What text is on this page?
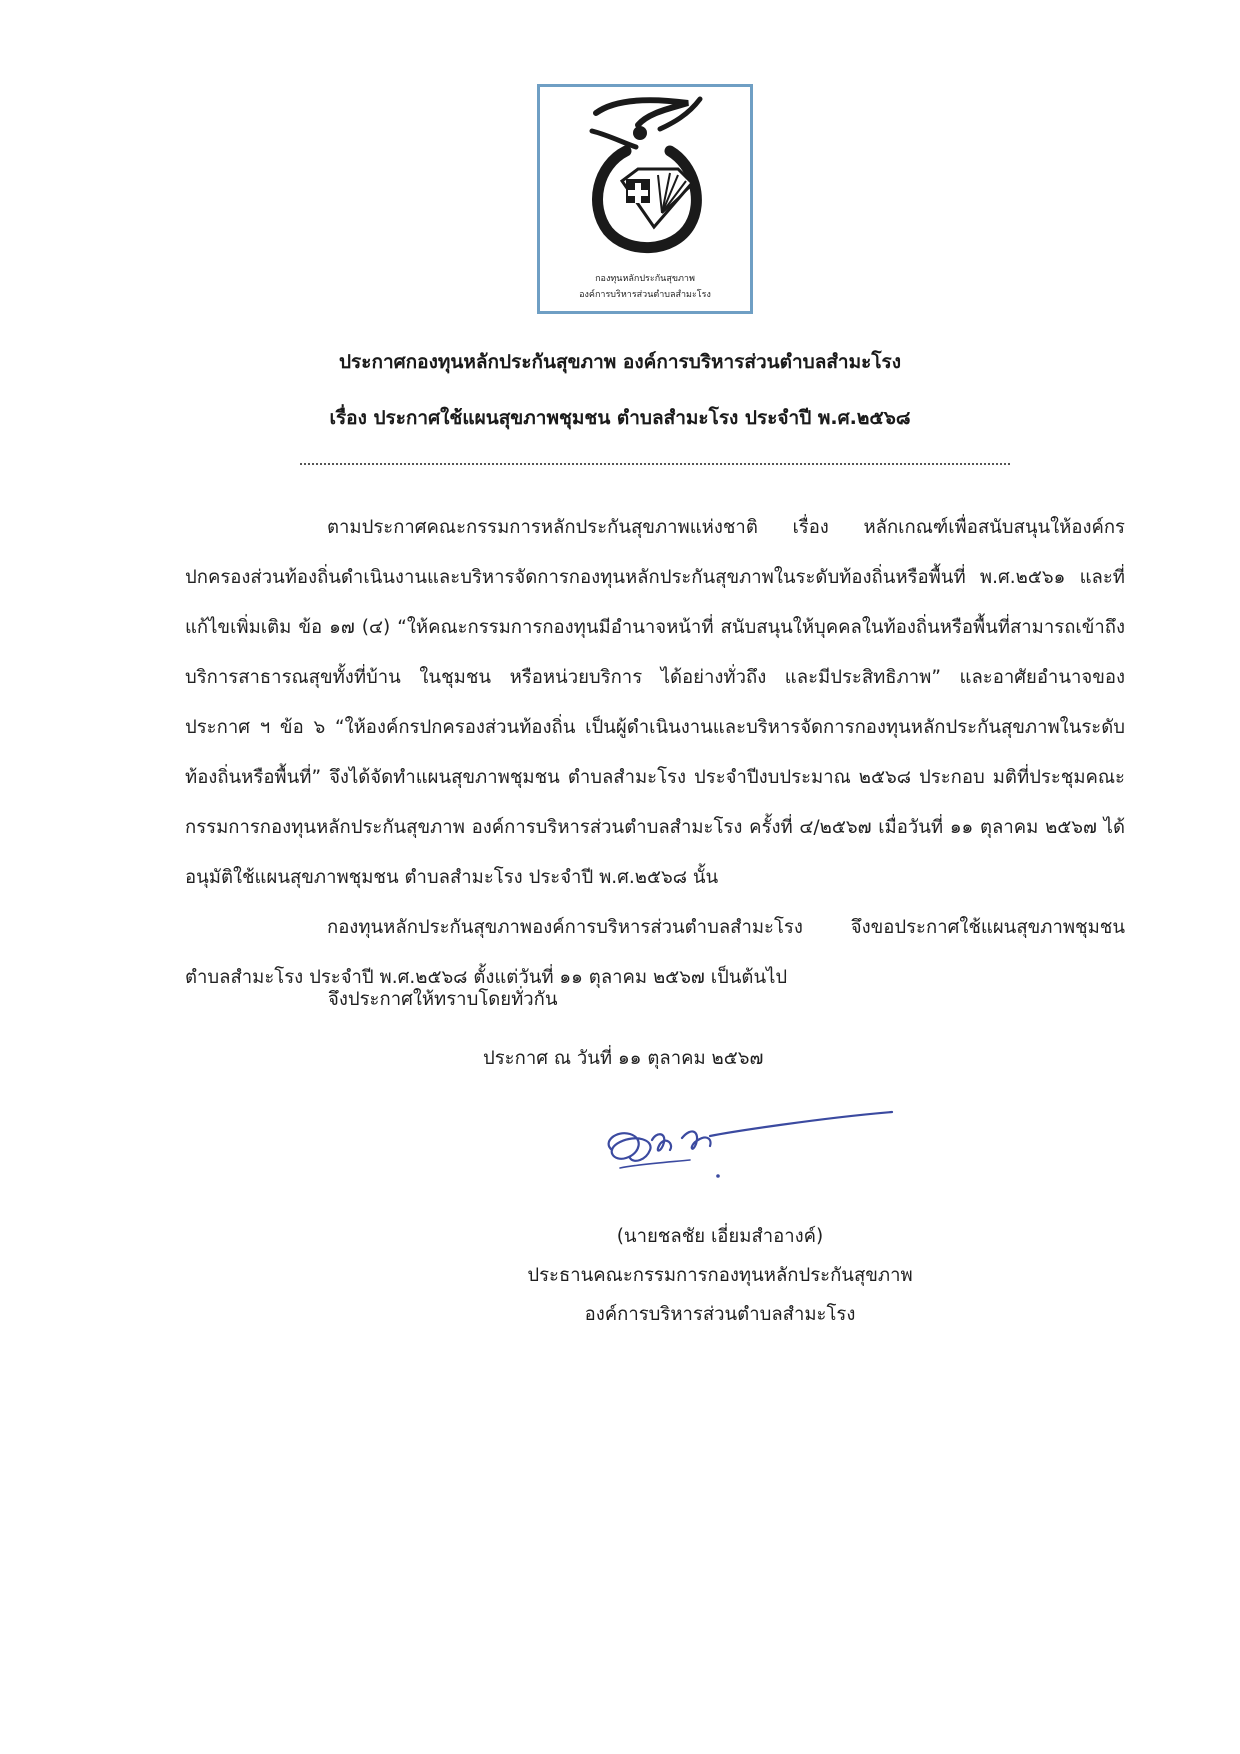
กองทุนหลักประกันสุขภาพ
องค์การบริหารส่วนตำบลสำมะโรง
ประกาศกองทุนหลักประกันสุขภาพ องค์การบริหารส่วนตำบลสำมะโรง
เรื่อง ประกาศใช้แผนสุขภาพชุมชน ตำบลสำมะโรง ประจำปี พ.ศ.๒๕๖๘

ตามประกาศคณะกรรมการหลักประกันสุขภาพแห่งชาติ เรื่อง หลักเกณฑ์เพื่อสนับสนุนให้องค์กรปกครองส่วนท้องถิ่นดำเนินงานและบริหารจัดการกองทุนหลักประกันสุขภาพในระดับท้องถิ่นหรือพื้นที่ พ.ศ.๒๕๖๑ และที่แก้ไขเพิ่มเติม ข้อ ๑๗ (๔) “ให้คณะกรรมการกองทุนมีอำนาจหน้าที่ สนับสนุนให้บุคคลในท้องถิ่นหรือพื้นที่สามารถเข้าถึงบริการสาธารณสุขทั้งที่บ้าน ในชุมชน หรือหน่วยบริการ ได้อย่างทั่วถึง และมีประสิทธิภาพ” และอาศัยอำนาจของประกาศ ฯ ข้อ ๖ “ให้องค์กรปกครองส่วนท้องถิ่น เป็นผู้ดำเนินงานและบริหารจัดการกองทุนหลักประกันสุขภาพในระดับท้องถิ่นหรือพื้นที่” จึงได้จัดทำแผนสุขภาพชุมชน ตำบลสำมะโรง ประจำปีงบประมาณ ๒๕๖๘ ประกอบ มติที่ประชุมคณะกรรมการกองทุนหลักประกันสุขภาพ องค์การบริหารส่วนตำบลสำมะโรง ครั้งที่ ๔/๒๕๖๗ เมื่อวันที่ ๑๑ ตุลาคม ๒๕๖๗ ได้อนุมัติใช้แผนสุขภาพชุมชน ตำบลสำมะโรง ประจำปี พ.ศ.๒๕๖๘ นั้น

กองทุนหลักประกันสุขภาพองค์การบริหารส่วนตำบลสำมะโรง จึงขอประกาศใช้แผนสุขภาพชุมชน ตำบลสำมะโรง ประจำปี พ.ศ.๒๕๖๘ ตั้งแต่วันที่ ๑๑ ตุลาคม ๒๕๖๗ เป็นต้นไป

จึงประกาศให้ทราบโดยทั่วกัน
ประกาศ ณ วันที่ ๑๑ ตุลาคม ๒๕๖๗
(นายชลชัย เอี่ยมสำอางค์)
ประธานคณะกรรมการกองทุนหลักประกันสุขภาพ
องค์การบริหารส่วนตำบลสำมะโรง
